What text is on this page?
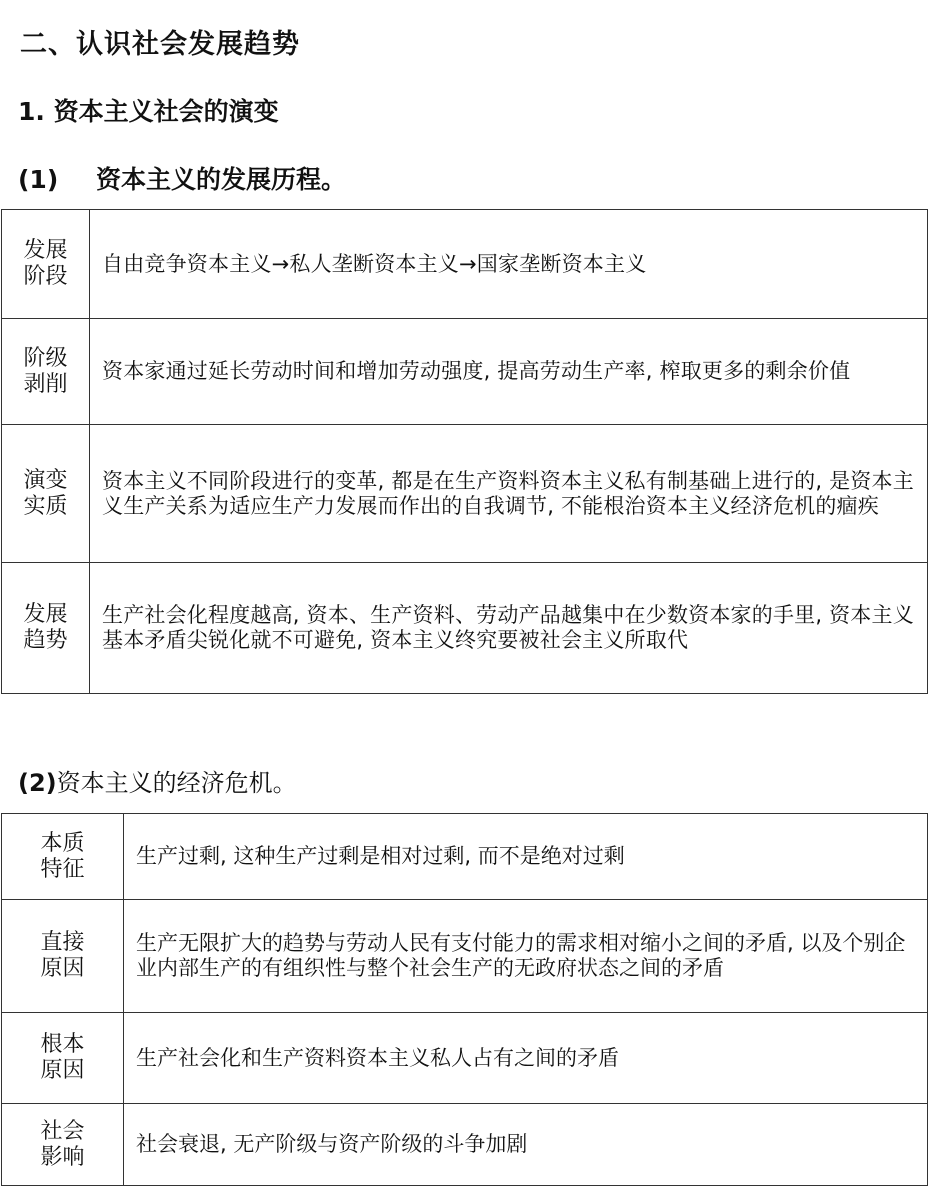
二、认识社会发展趋势
1. 资本主义社会的演变
(1) 资本主义的发展历程。
发展
阶段	自由竞争资本主义→私人垄断资本主义→国家垄断资本主义
阶级
剥削	资本家通过延长劳动时间和增加劳动强度, 提高劳动生产率, 榨取更多的剩余价值
演变
实质	资本主义不同阶段进行的变革, 都是在生产资料资本主义私有制基础上进行的, 是资本主义生产关系为适应生产力发展而作出的自我调节, 不能根治资本主义经济危机的痼疾
发展
趋势	生产社会化程度越高, 资本、生产资料、劳动产品越集中在少数资本家的手里, 资本主义基本矛盾尖锐化就不可避免, 资本主义终究要被社会主义所取代
(2)资本主义的经济危机。
本质
特征	生产过剩, 这种生产过剩是相对过剩, 而不是绝对过剩
直接
原因	生产无限扩大的趋势与劳动人民有支付能力的需求相对缩小之间的矛盾, 以及个别企业内部生产的有组织性与整个社会生产的无政府状态之间的矛盾
根本
原因	生产社会化和生产资料资本主义私人占有之间的矛盾
社会
影响	社会衰退, 无产阶级与资产阶级的斗争加剧
